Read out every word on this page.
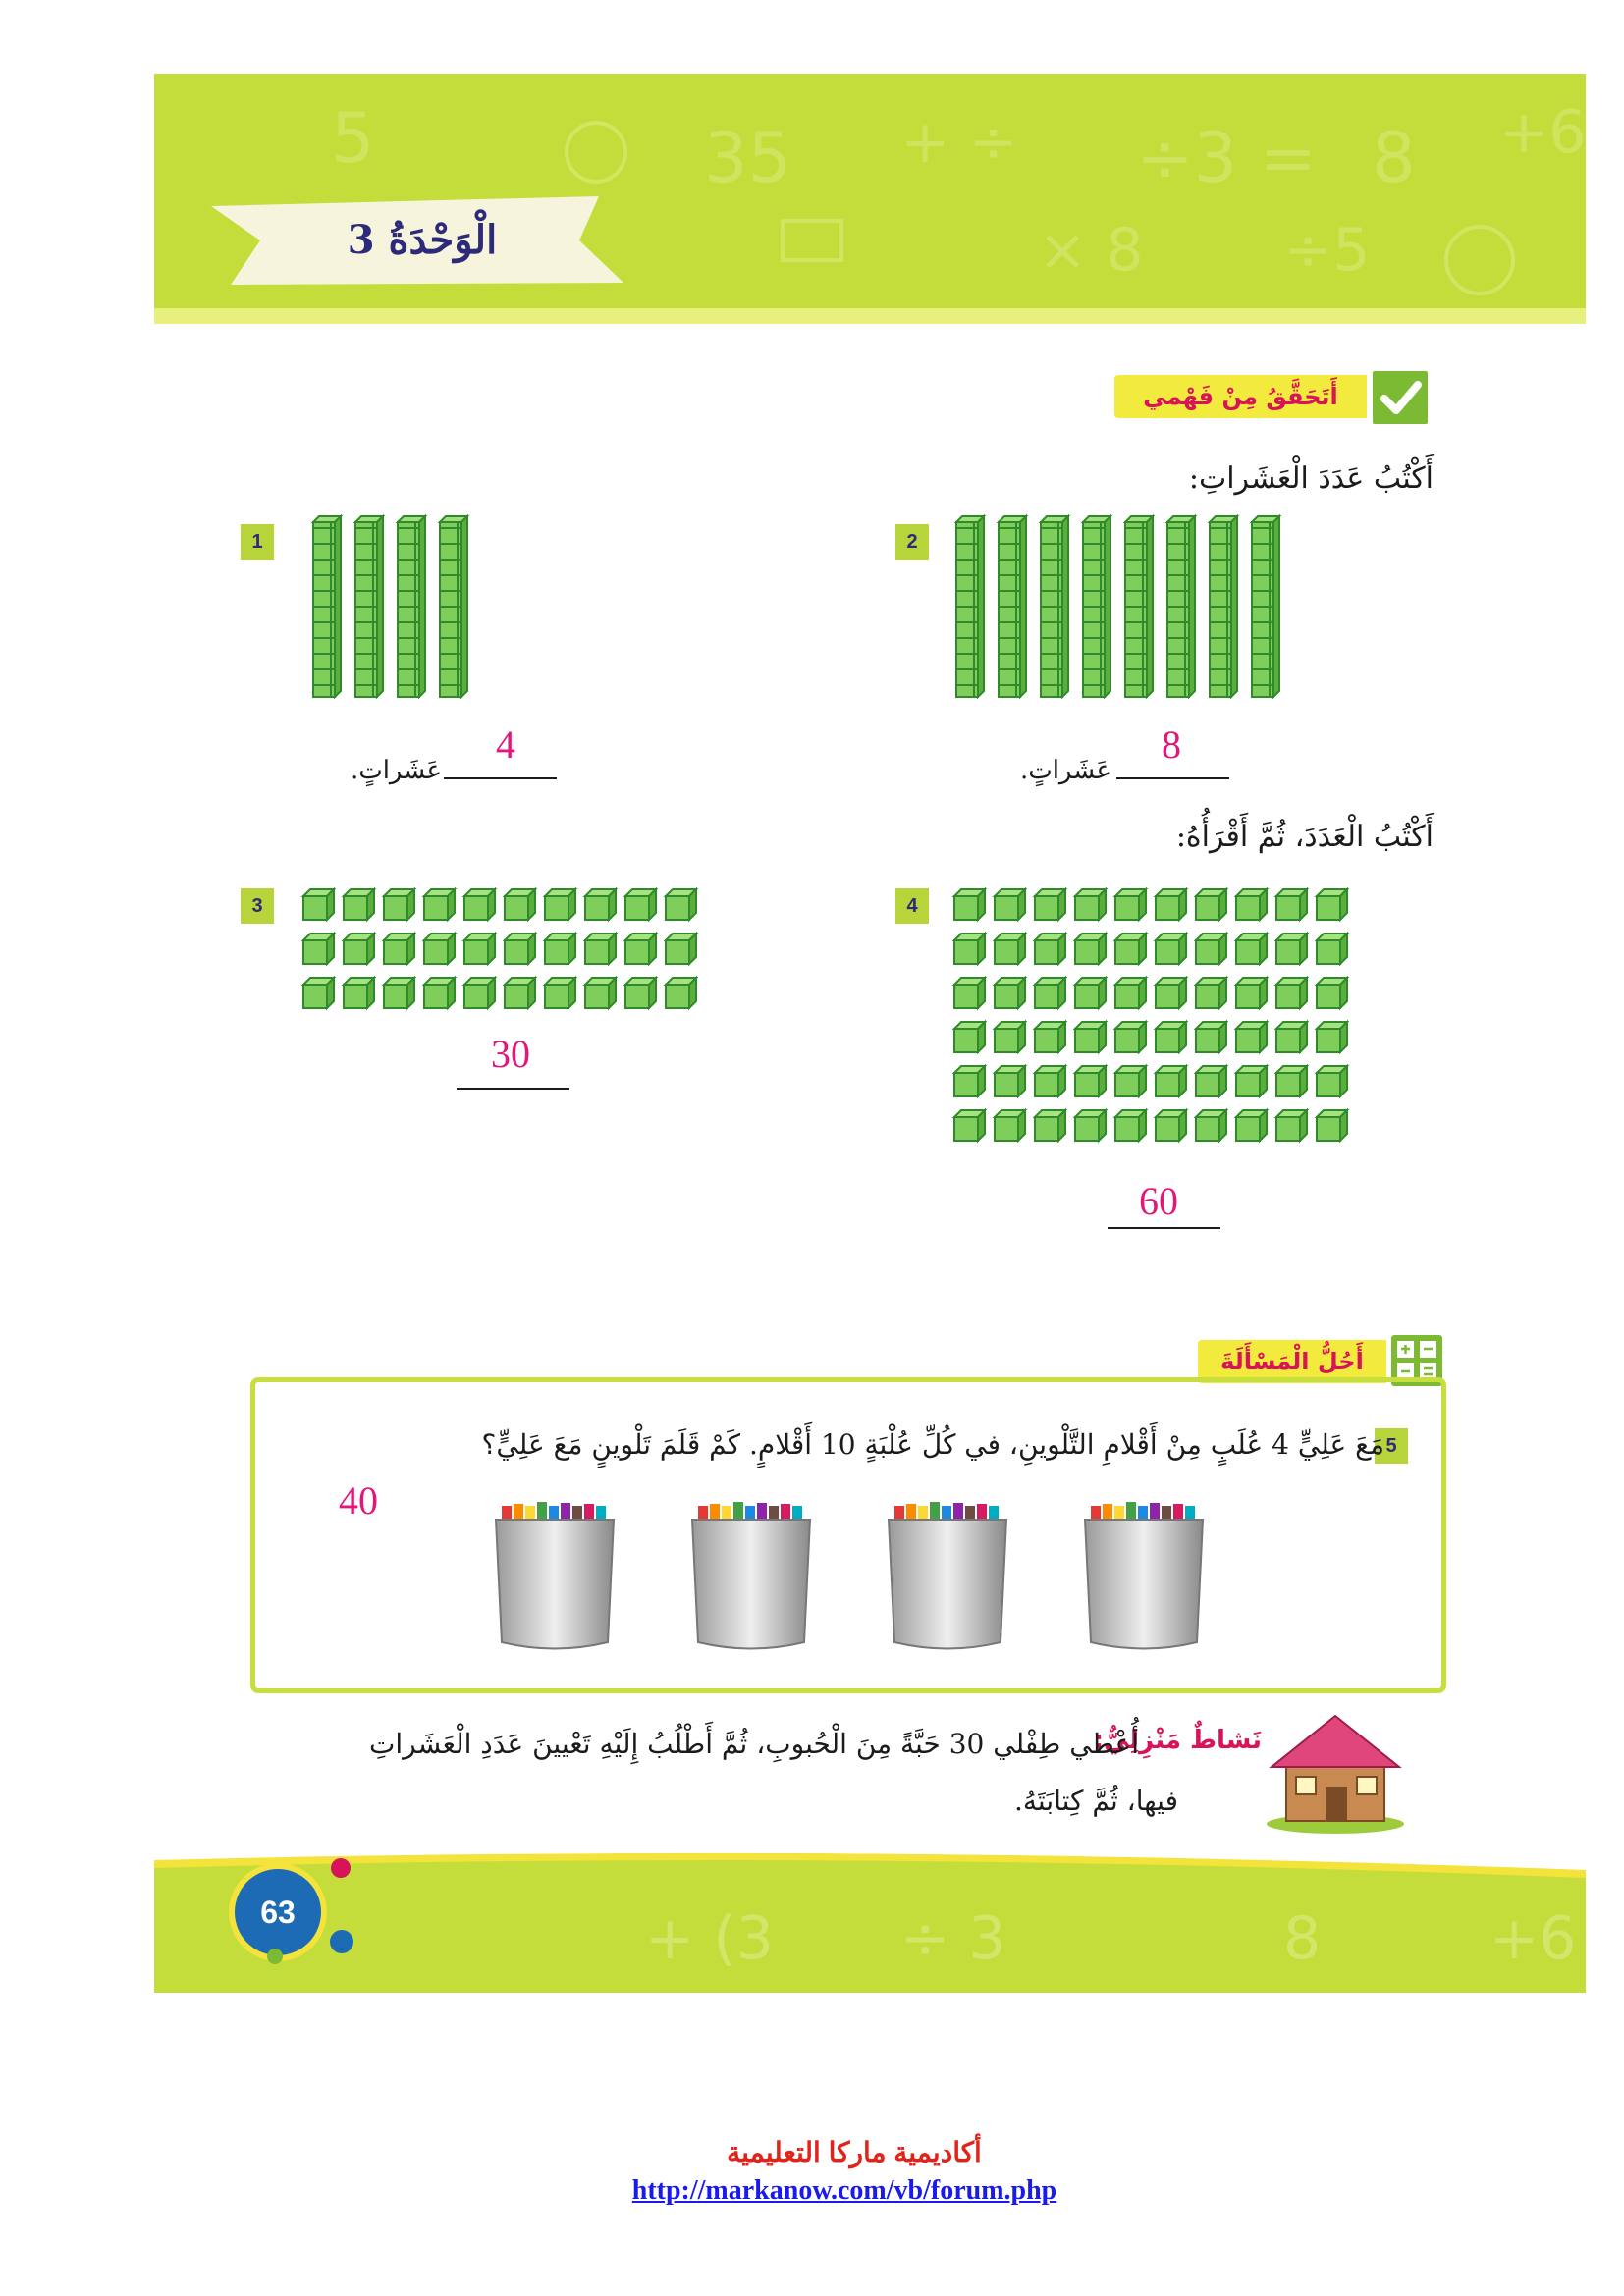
5	35 + ÷ ÷3 = 8 +6
× 8 ÷5
الْوَحْدَةُ 3
أَتَحَقَّقُ مِنْ فَهْمي
أَكْتُبُ عَدَدَ الْعَشَراتِ:
أَكْتُبُ الْعَدَدَ، ثُمَّ أَقْرَأُهُ:
1	2
3	4
4
عَشَراتٍ.
8
عَشَراتٍ.
30
60
أَحُلُّ الْمَسْأَلَةَ
5
مَعَ عَلِيٍّ 4 عُلَبٍ مِنْ أَقْلامِ التَّلْوينِ، في كُلِّ عُلْبَةٍ 10 أَقْلامٍ. كَمْ قَلَمَ تَلْوينٍ مَعَ عَلِيٍّ؟
40
نَشاطٌ مَنْزِلِيٌّ:
أُعْطي طِفْلي 30 حَبَّةً مِنَ الْحُبوبِ، ثُمَّ أَطْلُبُ إِلَيْهِ تَعْيينَ عَدَدِ الْعَشَراتِ
فيها، ثُمَّ كِتابَتَهُ.
+ (3 ÷ 3	8	+6
63
أكاديمية ماركا التعليمية
http://markanow.com/vb/forum.php
